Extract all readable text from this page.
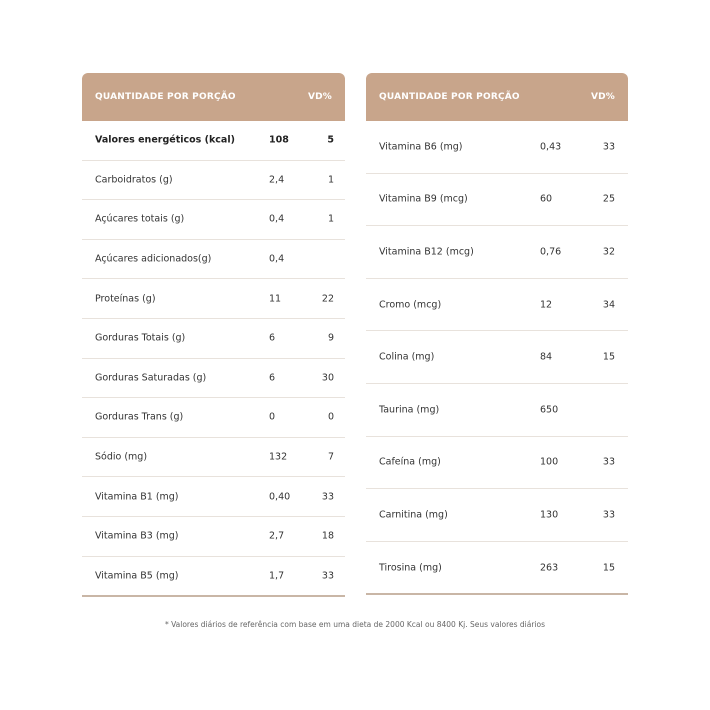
QUANTIDADE POR PORÇÃO	VD%
Valores energéticos (kcal)	108	5
Carboidratos (g)	2,4	1
Açúcares totais (g)	0,4	1
Açúcares adicionados(g)	0,4
Proteínas (g)	11	22
Gorduras Totais (g)	6	9
Gorduras Saturadas (g)	6	30
Gorduras Trans (g)	0	0
Sódio (mg)	132	7
Vitamina B1 (mg)	0,40	33
Vitamina B3 (mg)	2,7	18
Vitamina B5 (mg)	1,7	33
QUANTIDADE POR PORÇÃO	VD%
Vitamina B6 (mg)	0,43	33
Vitamina B9 (mcg)	60	25
Vitamina B12 (mcg)	0,76	32
Cromo (mcg)	12	34
Colina (mg)	84	15
Taurina (mg)	650
Cafeína (mg)	100	33
Carnitina (mg)	130	33
Tirosina (mg)	263	15
* Valores diários de referência com base em uma dieta de 2000 Kcal ou 8400 Kj. Seus valores diários
